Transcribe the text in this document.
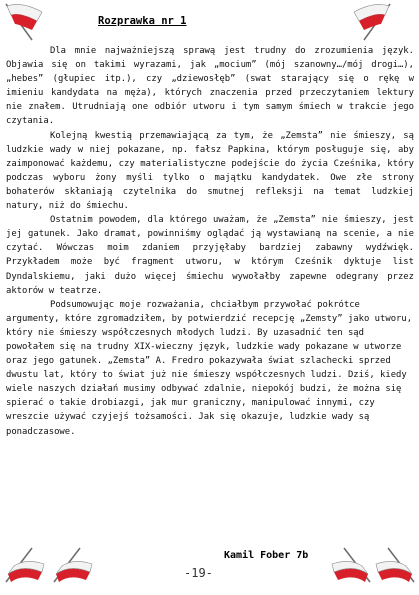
Rozprawka nr 1

Dla mnie najważniejszą sprawą jest trudny do zrozumienia język. Objawia się on takimi wyrazami, jak „mocium” (mój szanowny…/mój drogi…), „hebes” (głupiec itp.), czy „dziewosłęb” (swat starający się o rękę w imieniu kandydata na męża), których znaczenia przed przeczytaniem lektury nie znałem. Utrudniają one odbiór utworu i tym samym śmiech w trakcie jego czytania.

Kolejną kwestią przemawiającą za tym, że „Zemsta” nie śmieszy, są ludzkie wady w niej pokazane, np. fałsz Papkina, którym posługuje się, aby zaimponować każdemu, czy materialistyczne podejście do życia Cześnika, który podczas wyboru żony myśli tylko o majątku kandydatek. Owe złe strony bohaterów skłaniają czytelnika do smutnej refleksji na temat ludzkiej natury, niż do śmiechu.

Ostatnim powodem, dla którego uważam, że „Zemsta” nie śmieszy, jest jej gatunek. Jako dramat, powinniśmy oglądać ją wystawianą na scenie, a nie czytać. Wówczas moim zdaniem przyjęłaby bardziej zabawny wydźwięk. Przykładem może być fragment utworu, w którym Cześnik dyktuje list Dyndalskiemu, jaki dużo więcej śmiechu wywołałby zapewne odegrany przez aktorów w teatrze.

Podsumowując moje rozważania, chciałbym przywołać pokrótce argumenty, które zgromadziłem, by potwierdzić recepcję „Zemsty” jako utworu, który nie śmieszy współczesnych młodych ludzi. By uzasadnić ten sąd powołałem się na trudny XIX-wieczny język, ludzkie wady pokazane w utworze oraz jego gatunek. „Zemsta” A. Fredro pokazywała świat szlachecki sprzed dwustu lat, który to świat już nie śmieszy współczesnych ludzi. Dziś, kiedy wiele naszych działań musimy odbywać zdalnie, niepokój budzi, że można się spierać o takie drobiazgi, jak mur graniczny, manipulować innymi, czy wreszcie używać czyjejś tożsamości. Jak się okazuje, ludzkie wady są ponadczasowe.

Kamil Fober 7b
-19-
